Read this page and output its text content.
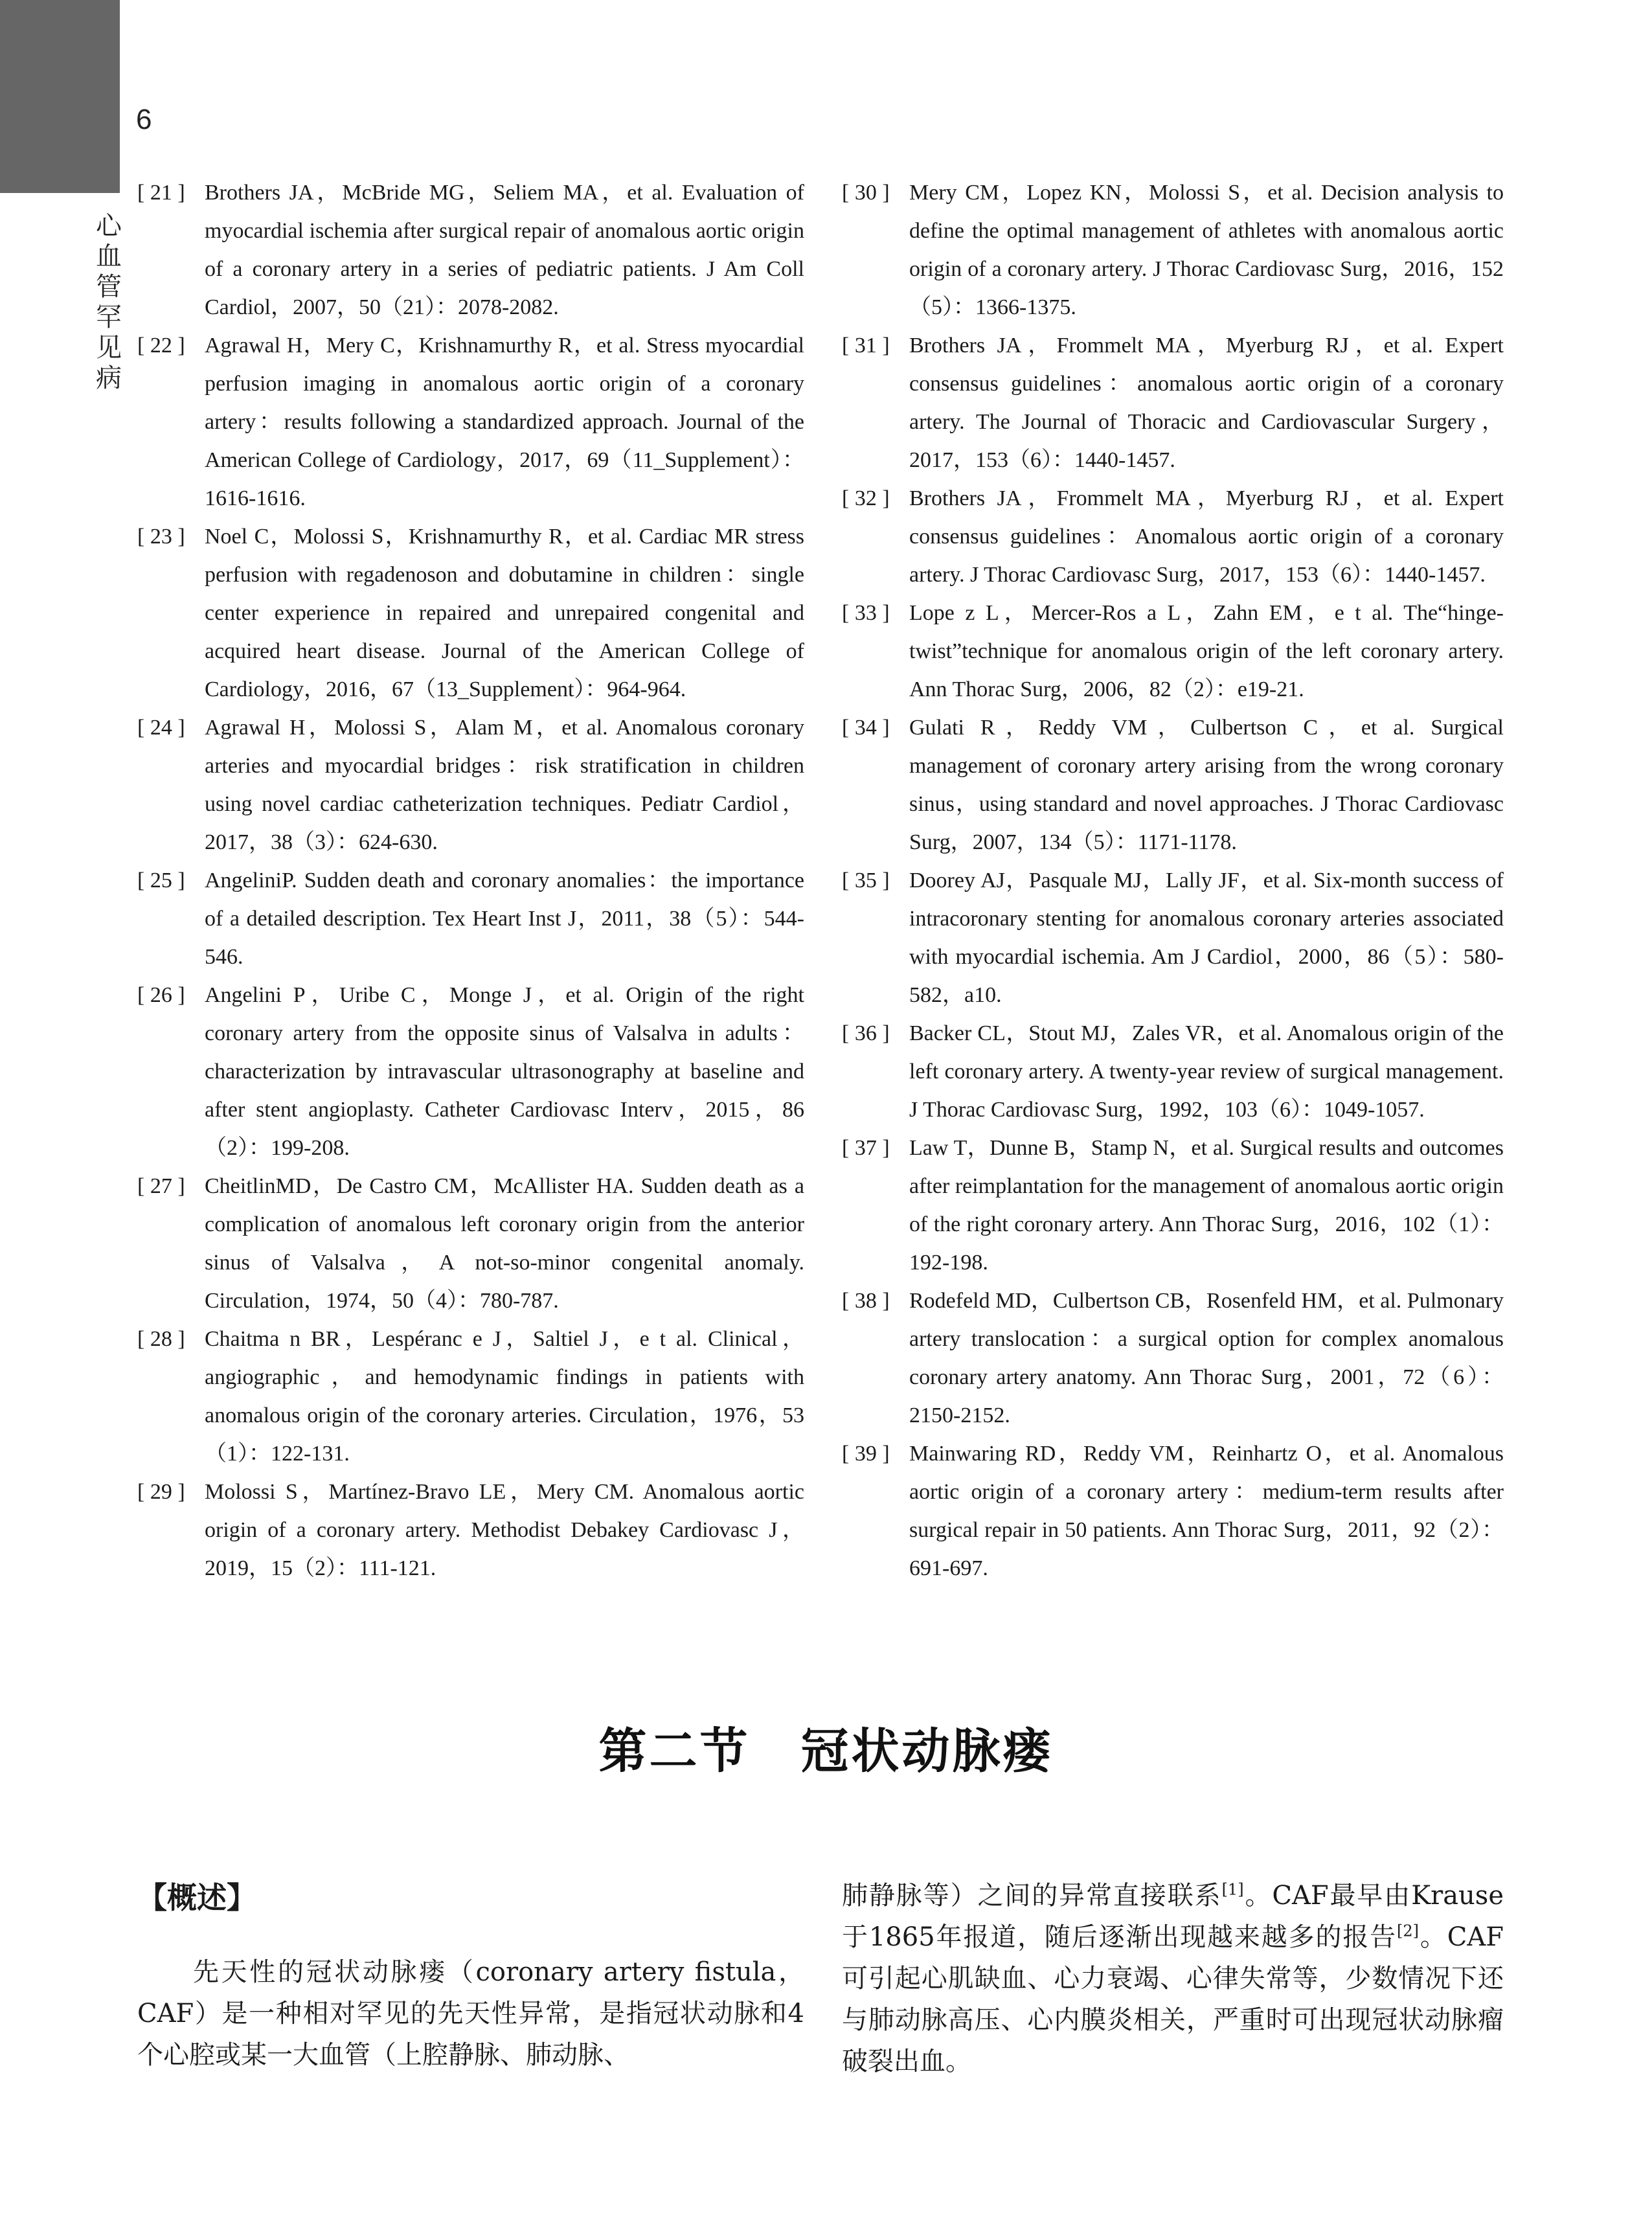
6
心血管罕见病
[ 21 ] Brothers JA，McBride MG，Seliem MA，et al. Evaluation of myocardial ischemia after surgical repair of anomalous aortic origin of a coronary artery in a series of pediatric patients. J Am Coll Cardiol，2007，50（21）：2078-2082.
[ 22 ] Agrawal H，Mery C，Krishnamurthy R，et al. Stress myocardial perfusion imaging in anomalous aortic origin of a coronary artery：results following a standardized approach. Journal of the American College of Cardiology，2017，69（11_Supplement）：1616-1616.
[ 23 ] Noel C，Molossi S，Krishnamurthy R，et al. Cardiac MR stress perfusion with regadenoson and dobutamine in children：single center experience in repaired and unrepaired congenital and acquired heart disease. Journal of the American College of Cardiology，2016，67（13_Supplement）：964-964.
[ 24 ] Agrawal H，Molossi S，Alam M，et al. Anomalous coronary arteries and myocardial bridges：risk stratification in children using novel cardiac catheterization techniques. Pediatr Cardiol，2017，38（3）：624-630.
[ 25 ] AngeliniP. Sudden death and coronary anomalies：the importance of a detailed description. Tex Heart Inst J，2011，38（5）：544-546.
[ 26 ] Angelini P，Uribe C，Monge J，et al. Origin of the right coronary artery from the opposite sinus of Valsalva in adults：characterization by intravascular ultrasonography at baseline and after stent angioplasty. Catheter Cardiovasc Interv，2015，86（2）：199-208.
[ 27 ] CheitlinMD，De Castro CM，McAllister HA. Sudden death as a complication of anomalous left coronary origin from the anterior sinus of Valsalva，A not-so-minor congenital anomaly. Circulation，1974，50（4）：780-787.
[ 28 ] Chaitma n BR，Lespéranc e J，Saltiel J，e t al. Clinical，angiographic，and hemodynamic findings in patients with anomalous origin of the coronary arteries. Circulation，1976，53（1）：122-131.
[ 29 ] Molossi S，Martínez-Bravo LE，Mery CM. Anomalous aortic origin of a coronary artery. Methodist Debakey Cardiovasc J，2019，15（2）：111-121.
[ 30 ] Mery CM，Lopez KN，Molossi S，et al. Decision analysis to define the optimal management of athletes with anomalous aortic origin of a coronary artery. J Thorac Cardiovasc Surg，2016，152（5）：1366-1375.
[ 31 ] Brothers JA，Frommelt MA，Myerburg RJ，et al. Expert consensus guidelines：anomalous aortic origin of a coronary artery. The Journal of Thoracic and Cardiovascular Surgery，2017，153（6）：1440-1457.
[ 32 ] Brothers JA，Frommelt MA，Myerburg RJ，et al. Expert consensus guidelines：Anomalous aortic origin of a coronary artery. J Thorac Cardiovasc Surg，2017，153（6）：1440-1457.
[ 33 ] Lope z L，Mercer-Ros a L，Zahn EM，e t al. The“hinge-twist”technique for anomalous origin of the left coronary artery. Ann Thorac Surg，2006，82（2）：e19-21.
[ 34 ] Gulati R，Reddy VM，Culbertson C，et al. Surgical management of coronary artery arising from the wrong coronary sinus，using standard and novel approaches. J Thorac Cardiovasc Surg，2007，134（5）：1171-1178.
[ 35 ] Doorey AJ，Pasquale MJ，Lally JF，et al. Six-month success of intracoronary stenting for anomalous coronary arteries associated with myocardial ischemia. Am J Cardiol，2000，86（5）：580-582，a10.
[ 36 ] Backer CL，Stout MJ，Zales VR，et al. Anomalous origin of the left coronary artery. A twenty-year review of surgical management. J Thorac Cardiovasc Surg，1992，103（6）：1049-1057.
[ 37 ] Law T，Dunne B，Stamp N，et al. Surgical results and outcomes after reimplantation for the management of anomalous aortic origin of the right coronary artery. Ann Thorac Surg，2016，102（1）：192-198.
[ 38 ] Rodefeld MD，Culbertson CB，Rosenfeld HM，et al. Pulmonary artery translocation：a surgical option for complex anomalous coronary artery anatomy. Ann Thorac Surg，2001，72（6）：2150-2152.
[ 39 ] Mainwaring RD，Reddy VM，Reinhartz O，et al. Anomalous aortic origin of a coronary artery：medium-term results after surgical repair in 50 patients. Ann Thorac Surg，2011，92（2）：691-697.
第二节　冠状动脉瘘
【概述】

先天性的冠状动脉瘘（coronary artery fistula，CAF）是一种相对罕见的先天性异常，是指冠状动脉和4个心腔或某一大血管（上腔静脉、肺动脉、

肺静脉等）之间的异常直接联系[1]。CAF最早由Krause于1865年报道，随后逐渐出现越来越多的报告[2]。CAF可引起心肌缺血、心力衰竭、心律失常等，少数情况下还与肺动脉高压、心内膜炎相关，严重时可出现冠状动脉瘤破裂出血。
